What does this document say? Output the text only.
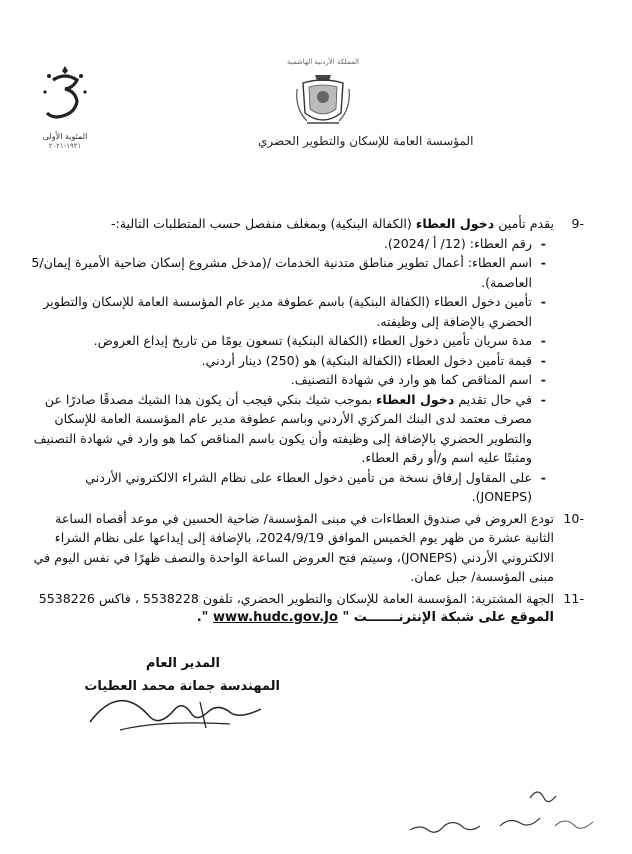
المئوية الأولى
١٩٢١-٢٠٢١
المملكة الأردنية الهاشمية
المؤسسة العامة للإسكان والتطوير الحضري
9-
يقدم تأمين دخول العطاء (الكفالة البنكية) وبمغلف منفصل حسب المتطلبات التالية:-
- رقم العطاء: (12/ أ /2024).
- اسم العطاء: أعمال تطوير مناطق متدنية الخدمات /(مدخل مشروع إسكان ضاحية الأميرة إيمان/5 العاصمة).
- تأمين دخول العطاء (الكفالة البنكية) باسم عطوفة مدير عام المؤسسة العامة للإسكان والتطوير الحضري بالإضافة إلى وظيفته.
- مدة سريان تأمين دخول العطاء (الكفالة البنكية) تسعون يومًا من تاريخ إيداع العروض.
- قيمة تأمين دخول العطاء (الكفالة البنكية) هو (250) دينار أردني.
- اسم المناقص كما هو وارد في شهادة التصنيف.
- في حال تقديم دخول العطاء بموجب شيك بنكي فيجب أن يكون هذا الشيك مصدقًا صادرًا عن مصرف معتمد لدى البنك المركزي الأردني وباسم عطوفة مدير عام المؤسسة العامة للإسكان والتطوير الحضري بالإضافة إلى وظيفته وأن يكون باسم المناقص كما هو وارد في شهادة التصنيف ومثبتًا عليه اسم و/أو رقم العطاء.
- على المقاول إرفاق نسخة من تأمين دخول العطاء على نظام الشراء الالكتروني الأردني (JONEPS).
10-
تودع العروض في صندوق العطاءات في مبنى المؤسسة/ ضاحية الحسين في موعد أقصاه الساعة الثانية عشرة من ظهر يوم الخميس الموافق 2024/9/19، بالإضافة إلى إيداعها على نظام الشراء الالكتروني الأردني (JONEPS)، وسيتم فتح العروض الساعة الواحدة والنصف ظهرًا في نفس اليوم في مبنى المؤسسة/ جبل عمان.
11-
الجهة المشترية: المؤسسة العامة للإسكان والتطوير الحضري، تلفون 5538228 ، فاكس 5538226
الموقع على شبكة الإنترنـــــــت " www.hudc.gov.Jo ".
المدير العام
المهندسة جمانة محمد العطيات
